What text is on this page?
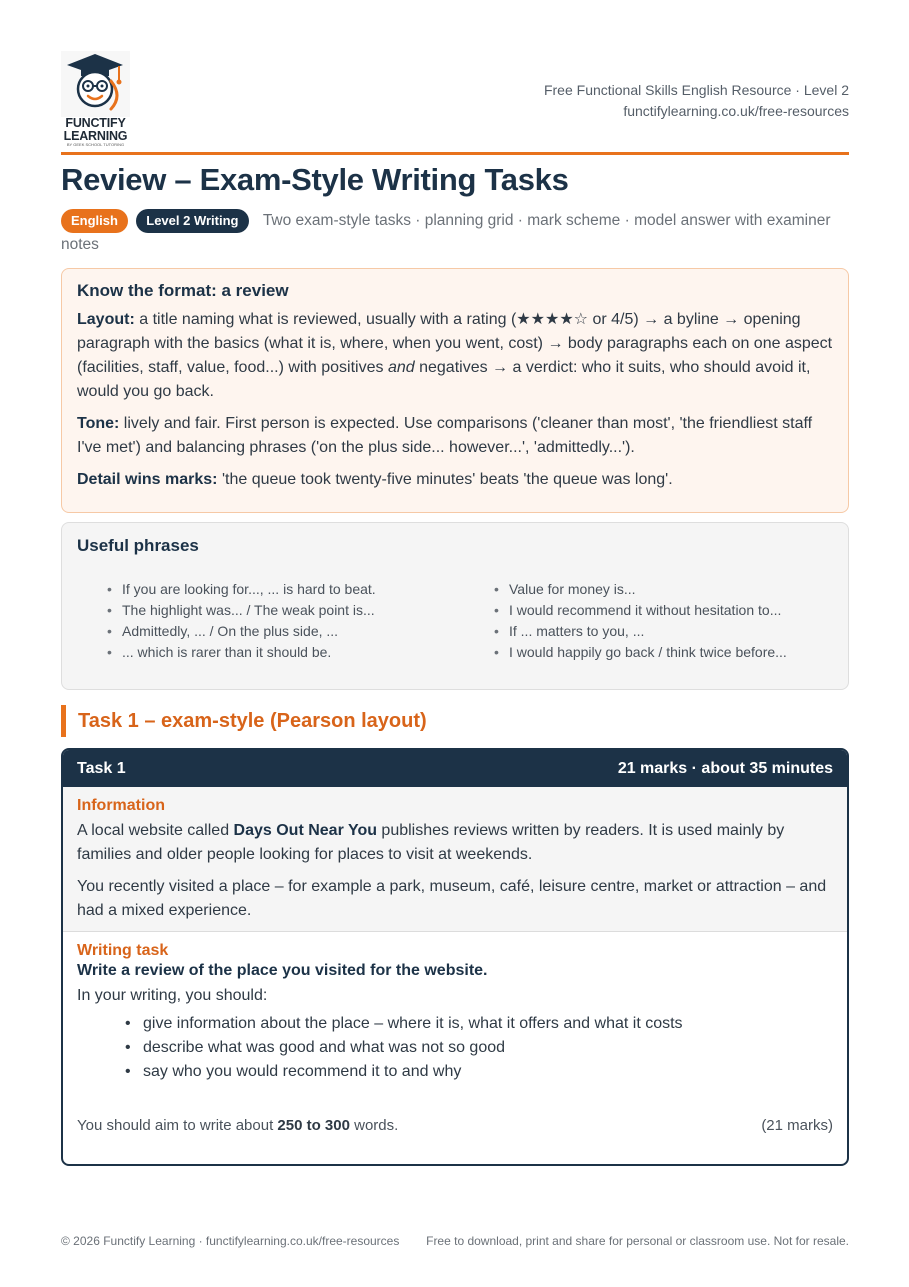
FUNCTIFY
LEARNING
BY GEEK SCHOOL TUTORING
Free Functional Skills English Resource · Level 2
functifylearning.co.uk/free-resources
Review – Exam-Style Writing Tasks
English Level 2 Writing Two exam-style tasks · planning grid · mark scheme · model answer with examiner notes
Know the format: a review

Layout: a title naming what is reviewed, usually with a rating (★★★★☆ or 4/5) → a byline → opening paragraph with the basics (what it is, where, when you went, cost) → body paragraphs each on one aspect (facilities, staff, value, food...) with positives and negatives → a verdict: who it suits, who should avoid it, would you go back.

Tone: lively and fair. First person is expected. Use comparisons ('cleaner than most', 'the friendliest staff I've met') and balancing phrases ('on the plus side... however...', 'admittedly...').

Detail wins marks: 'the queue took twenty-five minutes' beats 'the queue was long'.

Useful phrases
• If you are looking for..., ... is hard to beat.
• The highlight was... / The weak point is...
• Admittedly, ... / On the plus side, ...
• ... which is rarer than it should be.
• Value for money is...
• I would recommend it without hesitation to...
• If ... matters to you, ...
• I would happily go back / think twice before...
Task 1 – exam-style (Pearson layout)
Task 1	21 marks · about 35 minutes
Information

A local website called Days Out Near You publishes reviews written by readers. It is used mainly by families and older people looking for places to visit at weekends.

You recently visited a place – for example a park, museum, café, leisure centre, market or attraction – and had a mixed experience.

Writing task
Write a review of the place you visited for the website.
In your writing, you should:
• give information about the place – where it is, what it offers and what it costs
• describe what was good and what was not so good
• say who you would recommend it to and why
You should aim to write about 250 to 300 words.	(21 marks)
© 2026 Functify Learning · functifylearning.co.uk/free-resources	Free to download, print and share for personal or classroom use. Not for resale.
